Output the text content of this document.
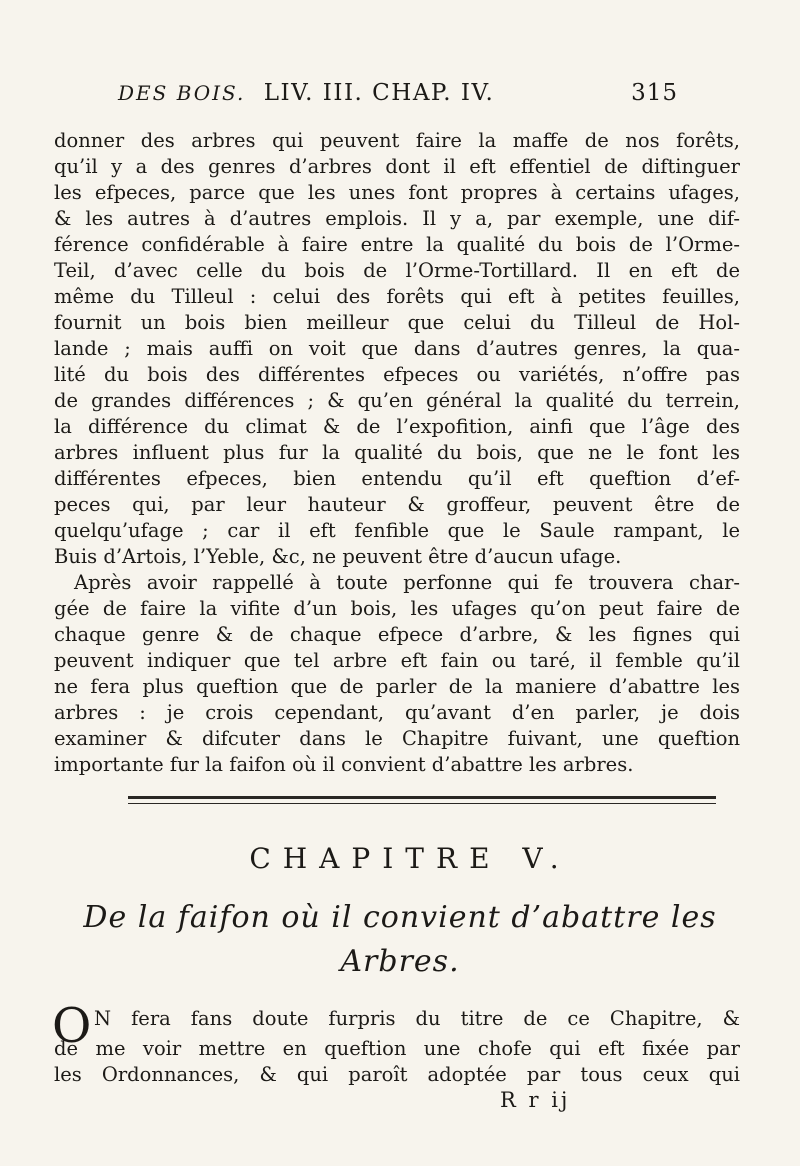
DES BOIS. LIV. III. CHAP. IV.	315
donner des arbres qui peuvent faire la maffe de nos forêts,
qu’il y a des genres d’arbres dont il eft effentiel de diftinguer
les efpeces, parce que les unes font propres à certains ufages,
& les autres à d’autres emplois. Il y a, par exemple, une dif-
férence confidérable à faire entre la qualité du bois de l’Orme-
Teil, d’avec celle du bois de l’Orme-Tortillard. Il en eft de
même du Tilleul : celui des forêts qui eft à petites feuilles,
fournit un bois bien meilleur que celui du Tilleul de Hol-
lande ; mais auffi on voit que dans d’autres genres, la qua-
lité du bois des différentes efpeces ou variétés, n’offre pas
de grandes différences ; & qu’en général la qualité du terrein,
la différence du climat & de l’expofition, ainfi que l’âge des
arbres influent plus fur la qualité du bois, que ne le font les
différentes efpeces, bien entendu qu’il eft queftion d’ef-
peces qui, par leur hauteur & groffeur, peuvent être de
quelqu’ufage ; car il eft fenfible que le Saule rampant, le
Buis d’Artois, l’Yeble, &c, ne peuvent être d’aucun ufage.
Après avoir rappellé à toute perfonne qui fe trouvera char-
gée de faire la vifite d’un bois, les ufages qu’on peut faire de
chaque genre & de chaque efpece d’arbre, & les fignes qui
peuvent indiquer que tel arbre eft fain ou taré, il femble qu’il
ne fera plus queftion que de parler de la maniere d’abattre les
arbres : je crois cependant, qu’avant d’en parler, je dois
examiner & difcuter dans le Chapitre fuivant, une queftion
importante fur la faifon où il convient d’abattre les arbres.
CHAPITRE V.
De la faifon où il convient d’abattre les
Arbres.
O N fera fans doute furpris du titre de ce Chapitre, &
de me voir mettre en queftion une chofe qui eft fixée par
les Ordonnances, & qui paroît adoptée par tous ceux qui
R r ij
